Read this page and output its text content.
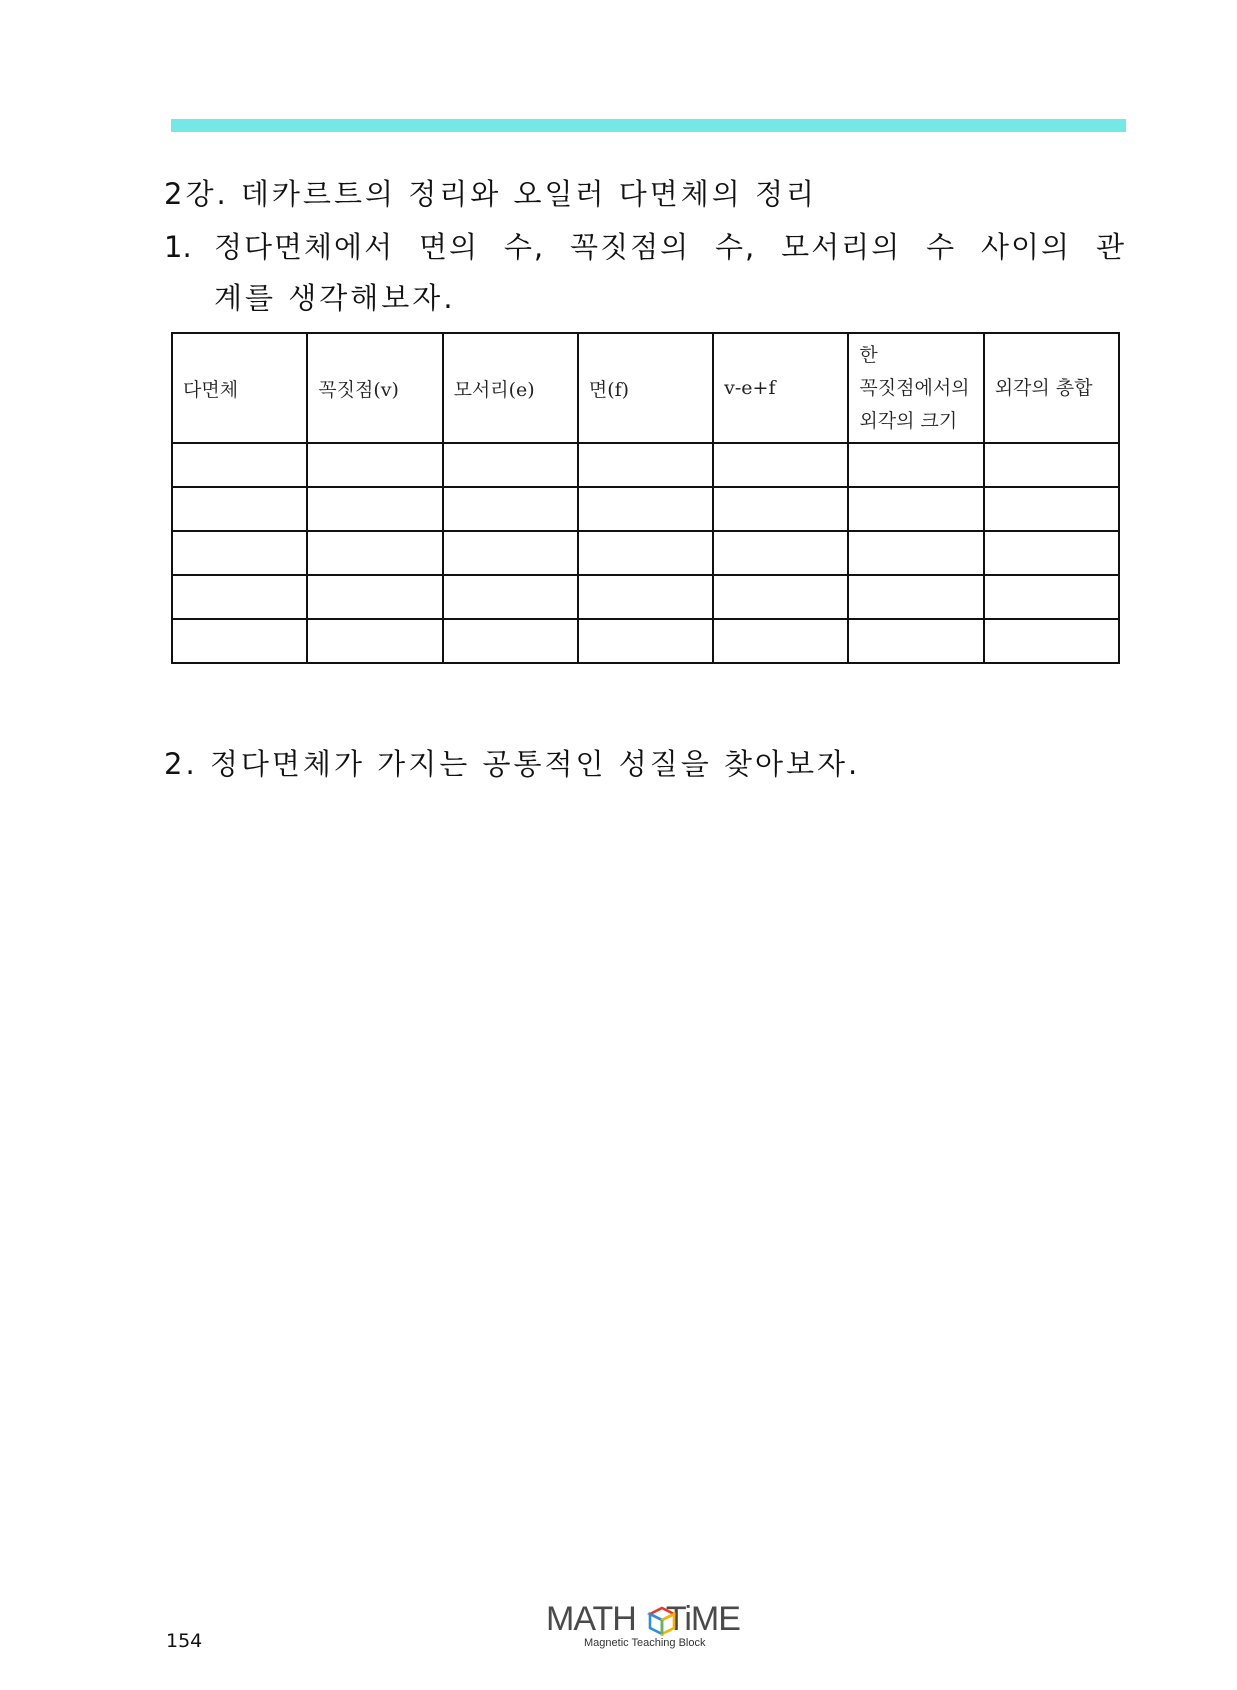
2강. 데카르트의 정리와 오일러 다면체의 정리
1. 정다면체에서 면의 수, 꼭짓점의 수, 모서리의 수 사이의 관
계를 생각해보자.
다면체	꼭짓점(v)	모서리(e)	면(f)	v-e+f	한 꼭짓점에서의 외각의 크기	외각의 총합

2. 정다면체가 가지는 공통적인 성질을 찾아보자.
154
MATH TiME
Magnetic Teaching Block
